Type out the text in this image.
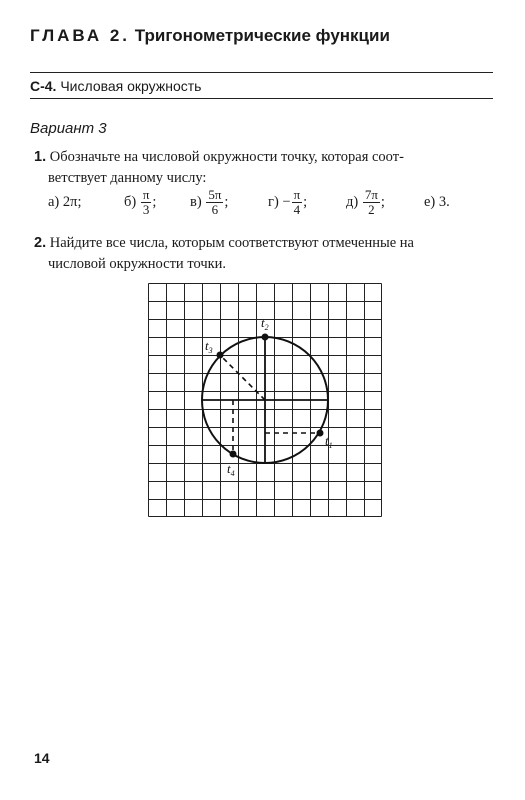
ГЛАВА 2. Тригонометрические функции
С-4. Числовая окружность
Вариант 3
1. Обозначьте на числовой окружности точку, которая соот-
ветствует данному числу:
а)
2π;	б)
$\frac{\pi}{3}$ ; в)
$\frac{5\pi}{6}$ ;	г)
− $\frac{\pi}{4}$ ;	д)
$\frac{7\pi}{2}$ ;	е)
3.
2. Найдите все числа, которым соответствуют отмеченные на
числовой окружности точки.
$t_1$
$t_2$
$t_3$
$t_4$
14
